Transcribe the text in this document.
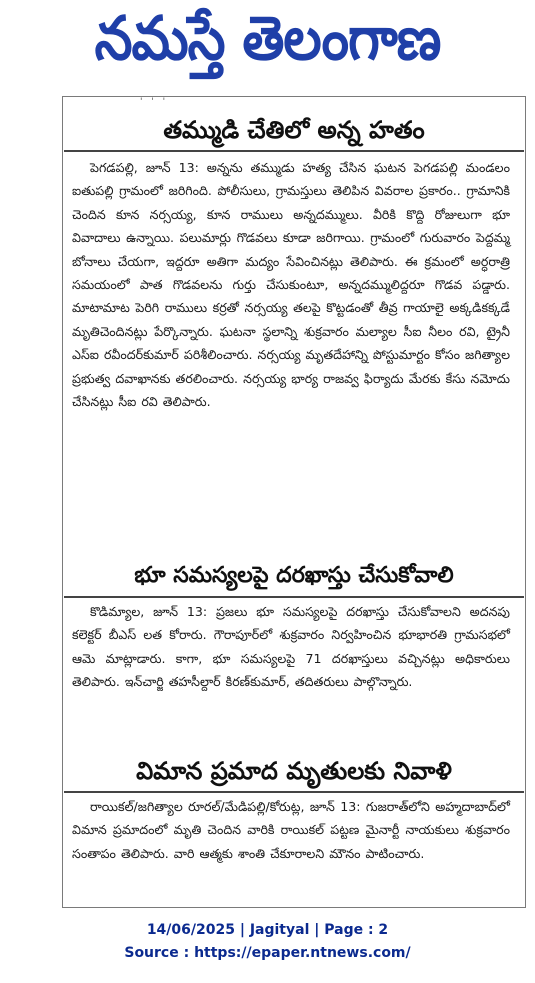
నమస్తే తెలంగాణ
' ' '
తమ్ముడి చేతిలో అన్న హతం
పెగడపల్లి, జూన్ 13: అన్నను తమ్ముడు హత్య చేసిన ఘటన పెగడపల్లి మండలం ఐతుపల్లి గ్రామంలో జరిగింది. పోలీసులు, గ్రామస్తులు తెలిపిన వివరాల ప్రకారం.. గ్రామానికి చెందిన కూన నర్సయ్య, కూన రాములు అన్నదమ్ములు. వీరికి కొద్ది రోజులుగా భూ వివాదాలు ఉన్నాయి. పలుమార్లు గొడవలు కూడా జరిగాయి. గ్రామంలో గురువారం పెద్దమ్మ బోనాలు చేయగా, ఇద్దరూ అతిగా మద్యం సేవించినట్లు తెలిపారు. ఈ క్రమంలో అర్ధరాత్రి సమయంలో పాత గొడవలను గుర్తు చేసుకుంటూ, అన్నదమ్ములిద్దరూ గొడవ పడ్డారు. మాటామాట పెరిగి రాములు కర్రతో నర్సయ్య తలపై కొట్టడంతో తీవ్ర గాయాలై అక్కడికక్కడే మృతిచెందినట్లు పేర్కొన్నారు. ఘటనా స్థలాన్ని శుక్రవారం మల్యాల సీఐ నీలం రవి, ట్రైనీ ఎస్ఐ రవీందర్‌కుమార్ పరిశీలించారు. నర్సయ్య మృతదేహాన్ని పోస్టుమార్టం కోసం జగిత్యాల ప్రభుత్వ దవాఖానకు తరలించారు. నర్సయ్య భార్య రాజవ్వ ఫిర్యాదు మేరకు కేసు నమోదు చేసినట్లు సీఐ రవి తెలిపారు.
భూ సమస్యలపై దరఖాస్తు చేసుకోవాలి
కొడిమ్యాల, జూన్ 13: ప్రజలు భూ సమస్యలపై దరఖాస్తు చేసుకోవాలని అదనపు కలెక్టర్ బీఎస్ లత కోరారు. గౌరాపూర్‌లో శుక్రవారం నిర్వహించిన భూభారతి గ్రామసభలో ఆమె మాట్లాడారు. కాగా, భూ సమస్యలపై 71 దరఖాస్తులు వచ్చినట్లు అధికారులు తెలిపారు. ఇన్‌చార్జి తహసీల్దార్ కిరణ్‌కుమార్, తదితరులు పాల్గొన్నారు.
విమాన ప్రమాద మృతులకు నివాళి
రాయికల్/జగిత్యాల రూరల్/మేడిపల్లి/కోరుట్ల, జూన్ 13: గుజరాత్‌లోని అహ్మదాబాద్‌లో విమాన ప్రమాదంలో మృతి చెందిన వారికి రాయికల్ పట్టణ మైనార్టీ నాయకులు శుక్రవారం సంతాపం తెలిపారు. వారి ఆత్మకు శాంతి చేకూరాలని మౌనం పాటించారు.
14/06/2025 | Jagityal | Page : 2
Source : https://epaper.ntnews.com/
